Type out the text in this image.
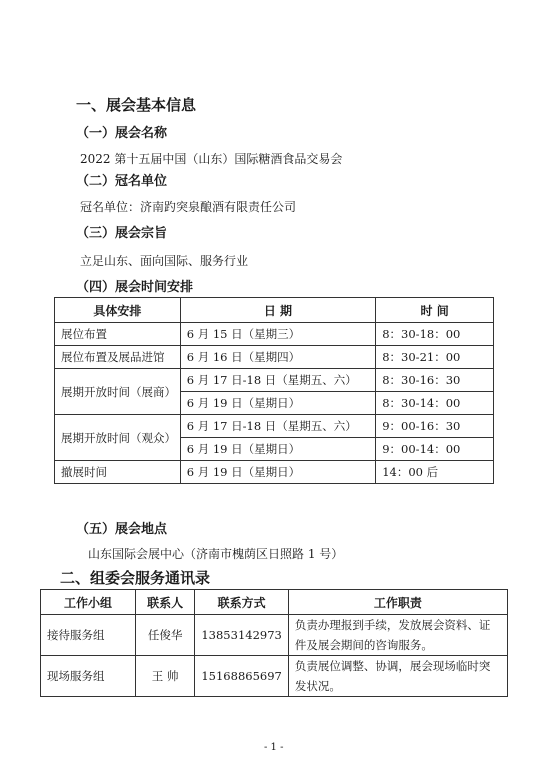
一、展会基本信息
（一）展会名称
2022 第十五届中国（山东）国际糖酒食品交易会
（二）冠名单位
冠名单位：济南趵突泉酿酒有限责任公司
（三）展会宗旨
立足山东、面向国际、服务行业
（四）展会时间安排
具体安排	日 期	时 间
展位布置	6 月 15 日（星期三）	8：30-18：00
展位布置及展品进馆	6 月 16 日（星期四）	8：30-21：00
展期开放时间（展商）	6 月 17 日-18 日（星期五、六）	8：30-16：30
	6 月 19 日（星期日）	8：30-14：00
展期开放时间（观众）	6 月 17 日-18 日（星期五、六）	9：00-16：30
	6 月 19 日（星期日）	9：00-14：00
撤展时间	6 月 19 日（星期日）	14：00 后
（五）展会地点
山东国际会展中心（济南市槐荫区日照路 1 号）
二、组委会服务通讯录
工作小组	联系人	联系方式	工作职责
接待服务组	任俊华	13853142973	负责办理报到手续，发放展会资料、证件及展会期间的咨询服务。
现场服务组	王 帅	15168865697	负责展位调整、协调，展会现场临时突发状况。
- 1 -
